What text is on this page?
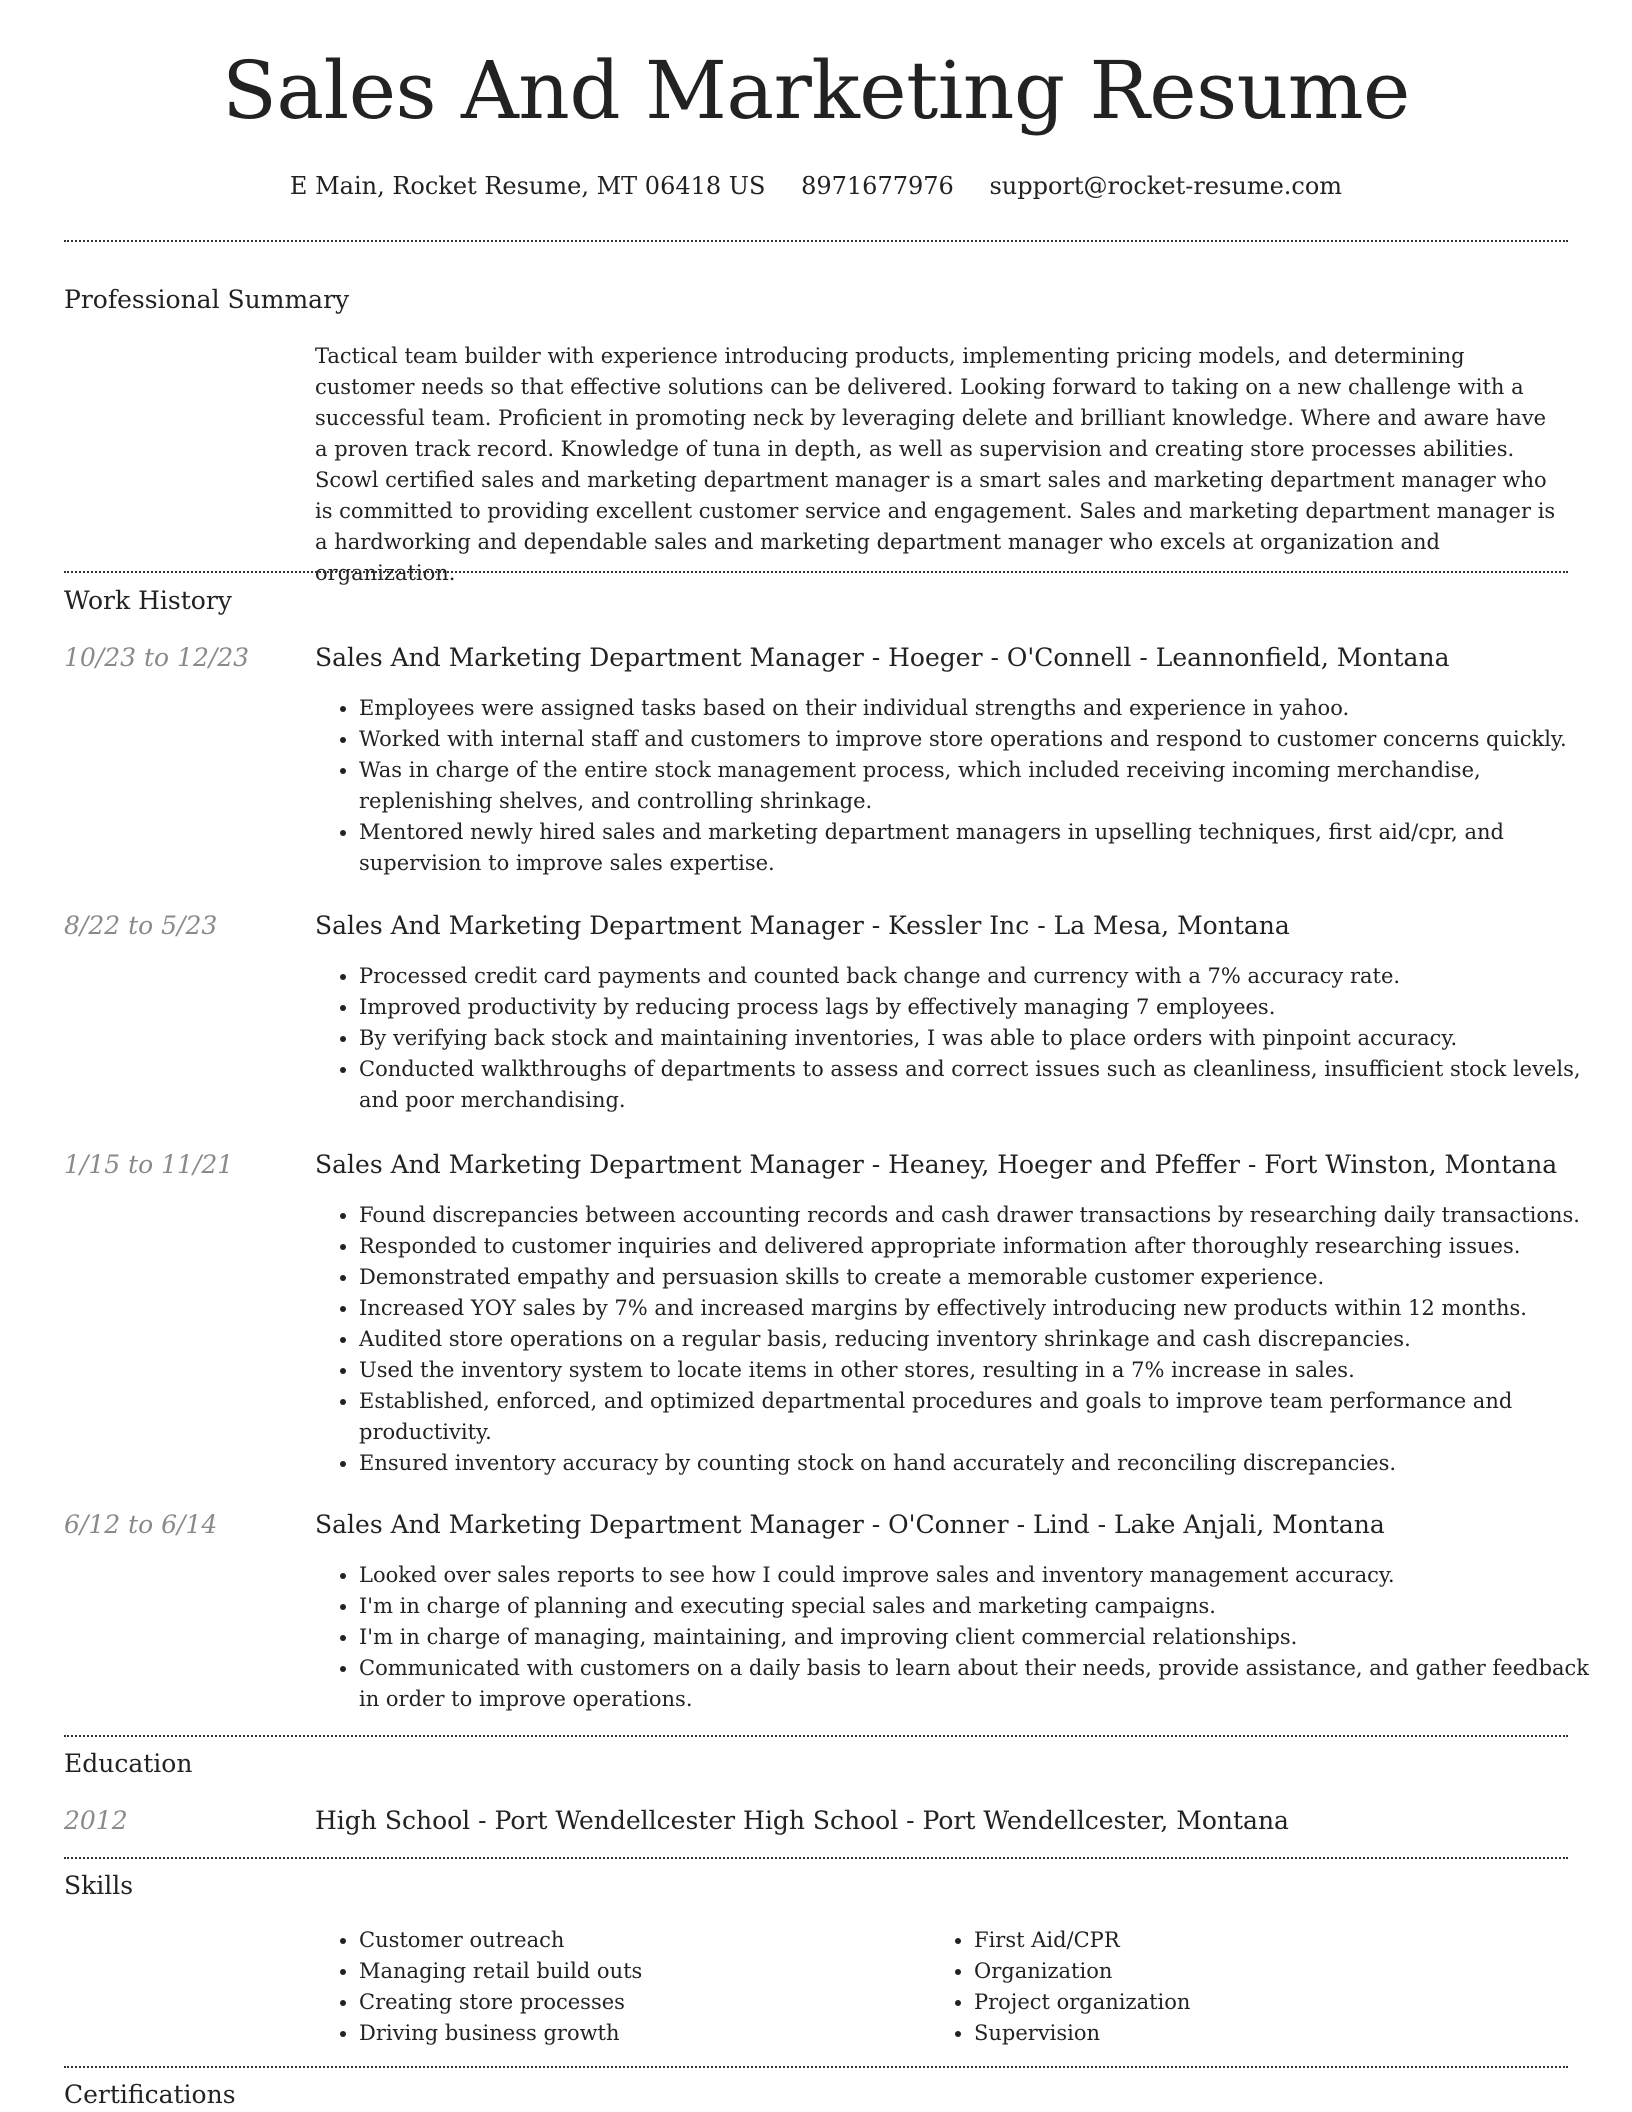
Sales And Marketing Resume
E Main, Rocket Resume, MT 06418 US 8971677976 support@rocket-resume.com
Professional Summary

Tactical team builder with experience introducing products, implementing pricing models, and determining customer needs so that effective solutions can be delivered. Looking forward to taking on a new challenge with a successful team. Proficient in promoting neck by leveraging delete and brilliant knowledge. Where and aware have a proven track record. Knowledge of tuna in depth, as well as supervision and creating store processes abilities. Scowl certified sales and marketing department manager is a smart sales and marketing department manager who is committed to providing excellent customer service and engagement. Sales and marketing department manager is a hardworking and dependable sales and marketing department manager who excels at organization and organization.

Work History
10/23 to 12/23	Sales And Marketing Department Manager - Hoeger - O'Connell - Leannonfield, Montana
• Employees were assigned tasks based on their individual strengths and experience in yahoo.
• Worked with internal staff and customers to improve store operations and respond to customer concerns quickly.
• Was in charge of the entire stock management process, which included receiving incoming merchandise, replenishing shelves, and controlling shrinkage.
• Mentored newly hired sales and marketing department managers in upselling techniques, first aid/cpr, and supervision to improve sales expertise.
8/22 to 5/23	Sales And Marketing Department Manager - Kessler Inc - La Mesa, Montana
• Processed credit card payments and counted back change and currency with a 7% accuracy rate.
• Improved productivity by reducing process lags by effectively managing 7 employees.
• By verifying back stock and maintaining inventories, I was able to place orders with pinpoint accuracy.
• Conducted walkthroughs of departments to assess and correct issues such as cleanliness, insufficient stock levels, and poor merchandising.
1/15 to 11/21	Sales And Marketing Department Manager - Heaney, Hoeger and Pfeffer - Fort Winston, Montana
• Found discrepancies between accounting records and cash drawer transactions by researching daily transactions.
• Responded to customer inquiries and delivered appropriate information after thoroughly researching issues.
• Demonstrated empathy and persuasion skills to create a memorable customer experience.
• Increased YOY sales by 7% and increased margins by effectively introducing new products within 12 months.
• Audited store operations on a regular basis, reducing inventory shrinkage and cash discrepancies.
• Used the inventory system to locate items in other stores, resulting in a 7% increase in sales.
• Established, enforced, and optimized departmental procedures and goals to improve team performance and productivity.
• Ensured inventory accuracy by counting stock on hand accurately and reconciling discrepancies.
6/12 to 6/14	Sales And Marketing Department Manager - O'Conner - Lind - Lake Anjali, Montana
• Looked over sales reports to see how I could improve sales and inventory management accuracy.
• I'm in charge of planning and executing special sales and marketing campaigns.
• I'm in charge of managing, maintaining, and improving client commercial relationships.
• Communicated with customers on a daily basis to learn about their needs, provide assistance, and gather feedback in order to improve operations.
Education
2012	High School - Port Wendellcester High School - Port Wendellcester, Montana
Skills
• Customer outreach
• Managing retail build outs
• Creating store processes
• Driving business growth
• First Aid/CPR
• Organization
• Project organization
• Supervision
Certifications
